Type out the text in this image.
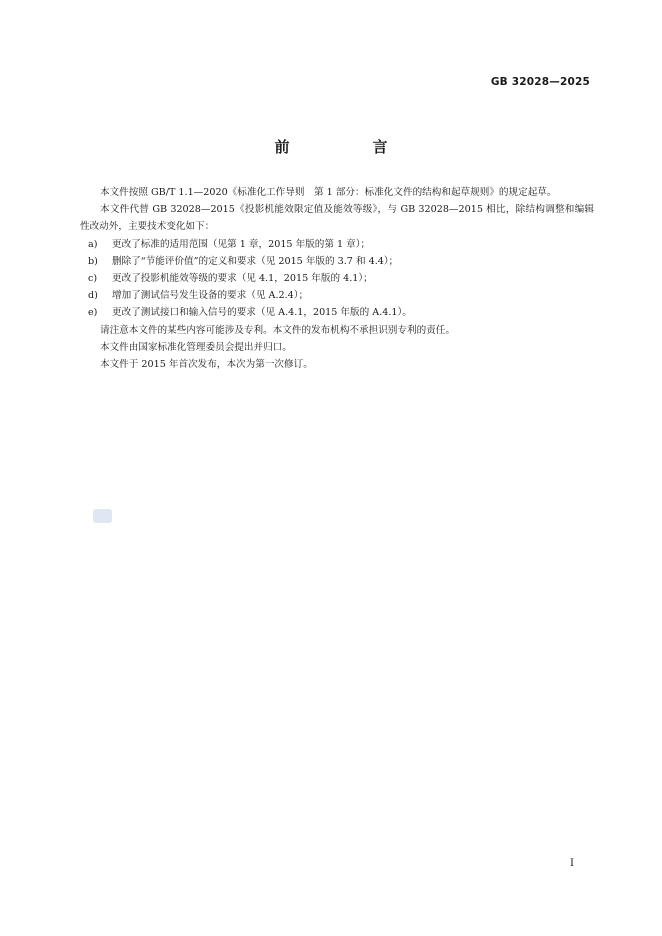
GB 32028—2025
前　言

本文件按照 GB/T 1.1—2020《标准化工作导则　第 1 部分：标准化文件的结构和起草规则》的规定起草。

本文件代替 GB 32028—2015《投影机能效限定值及能效等级》，与 GB 32028—2015 相比，除结构调整和编辑性改动外，主要技术变化如下：

a)	更改了标准的适用范围（见第 1 章，2015 年版的第 1 章）；
b)	删除了“节能评价值”的定义和要求（见 2015 年版的 3.7 和 4.4）；
c)	更改了投影机能效等级的要求（见 4.1，2015 年版的 4.1）；
d)	增加了测试信号发生设备的要求（见 A.2.4）；
e)	更改了测试接口和输入信号的要求（见 A.4.1，2015 年版的 A.4.1）。

请注意本文件的某些内容可能涉及专利。本文件的发布机构不承担识别专利的责任。

本文件由国家标准化管理委员会提出并归口。

本文件于 2015 年首次发布，本次为第一次修订。

I
